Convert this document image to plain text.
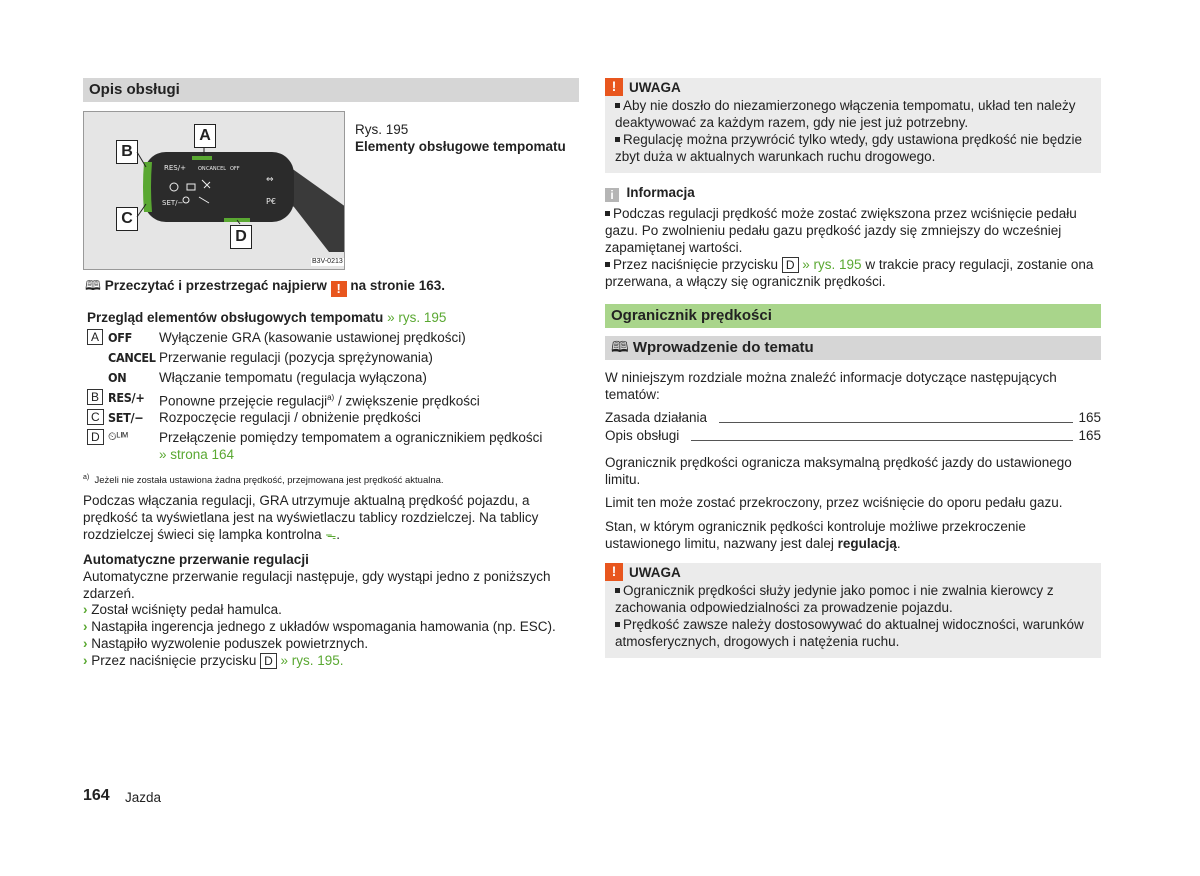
Opis obsługi
RES/+ ON CANCEL OFF
SET/−
⇔
P€
B3V-0213
A
B
C
D
Rys. 195
Elementy obsługowe tempomatu
🕮 Przeczytać i przestrzegać najpierw ! na stronie 163.
Przegląd elementów obsługowych tempomatu » rys. 195
A OFF Wyłączenie GRA (kasowanie ustawionej prędkości)
CANCEL Przerwanie regulacji (pozycja sprężynowania)
ON Włączanie tempomatu (regulacja wyłączona)
B RES/+ Ponowne przejęcie regulacji$^{a)}$ / zwiększenie prędkości
C SET/− Rozpoczęcie regulacji / obniżenie prędkości
D ⏲ᴸᴵᴹ Przełączenie pomiędzy tempomatem a ogranicznikiem pędkości
» strona 164
$^{a)}$ Jeżeli nie została ustawiona żadna prędkość, przejmowana jest prędkość aktualna.
Podczas włączania regulacji, GRA utrzymuje aktualną prędkość pojazdu, a prędkość ta wyświetlana jest na wyświetlaczu tablicy rozdzielczej. Na tablicy rozdzielczej świeci się lampka kontrolna ᯓ.
Automatyczne przerwanie regulacji
Automatyczne przerwanie regulacji następuje, gdy wystąpi jedno z poniższych zdarzeń.
› Został wciśnięty pedał hamulca.
› Nastąpiła ingerencja jednego z układów wspomagania hamowania (np. ESC).
› Nastąpiło wyzwolenie poduszek powietrznych.
› Przez naciśnięcie przycisku D » rys. 195.
164 Jazda
! UWAGA
Aby nie doszło do niezamierzonego włączenia tempomatu, układ ten należy deaktywować za każdym razem, gdy nie jest już potrzebny.
Regulację można przywrócić tylko wtedy, gdy ustawiona prędkość nie będzie zbyt duża w aktualnych warunkach ruchu drogowego.
i Informacja
Podczas regulacji prędkość może zostać zwiększona przez wciśnięcie pedału gazu. Po zwolnieniu pedału gazu prędkość jazdy się zmniejszy do wcześniej zapamiętanej wartości.
Przez naciśnięcie przycisku D » rys. 195 w trakcie pracy regulacji, zostanie ona przerwana, a włączy się ogranicznik prędkości.
Ogranicznik prędkości
🕮 Wprowadzenie do tematu
W niniejszym rozdziale można znaleźć informacje dotyczące następujących tematów:
Zasada działania	165
Opis obsługi	165
Ogranicznik prędkości ogranicza maksymalną prędkość jazdy do ustawionego limitu.
Limit ten może zostać przekroczony, przez wciśnięcie do oporu pedału gazu.
Stan, w którym ogranicznik pędkości kontroluje możliwe przekroczenie ustawionego limitu, nazwany jest dalej regulacją.
! UWAGA
Ogranicznik prędkości służy jedynie jako pomoc i nie zwalnia kierowcy z zachowania odpowiedzialności za prowadzenie pojazdu.
Prędkość zawsze należy dostosowywać do aktualnej widoczności, warunków atmosferycznych, drogowych i natężenia ruchu.
